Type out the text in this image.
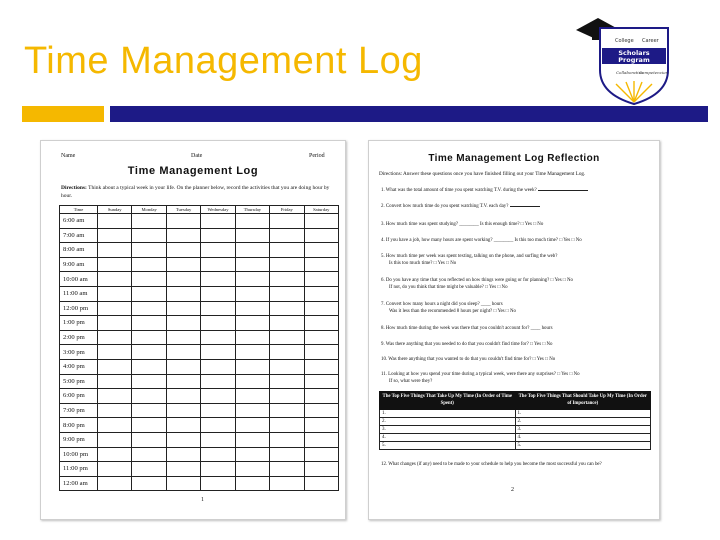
Time Management Log	College Career
Scholars
Program
Collaboration
Competencies
Name	Date	Period
Time Management Log
Directions: Think about a typical week in your life. On the planner below, record the activities that you are doing hour by hour.
Time	Sunday	Monday	Tuesday	Wednesday	Thursday	Friday	Saturday
6:00 am							
7:00 am							
8:00 am							
9:00 am							
10:00 am							
11:00 am							
12:00 pm							
1:00 pm							
2:00 pm							
3:00 pm							
4:00 pm							
5:00 pm							
6:00 pm							
7:00 pm							
8:00 pm							
9:00 pm							
10:00 pm							
11:00 pm							
12:00 am							
1
Time Management Log Reflection
Directions: Answer these questions once you have finished filling out your Time Management Log.
1. What was the total amount of time you spent watching T.V. during the week?
2. Convert how much time do you spent watching T.V. each day?
3. How much time was spent studying? ________ Is this enough time? □ Yes □ No
4. If you have a job, how many hours are spent working? ________ Is this too much time? □ Yes □ No
5. How much time per week was spent texting, talking on the phone, and surfing the web?
Is this too much time? □ Yes □ No
6. Do you have any time that you reflected on how things were going or for planning? □ Yes □ No
If not, do you think that time might be valuable? □ Yes □ No
7. Convert how many hours a night did you sleep? ____ hours
Was it less than the recommended 8 hours per night? □ Yes □ No
8. How much time during the week was there that you couldn't account for? ____ hours
9. Was there anything that you needed to do that you couldn't find time for? □ Yes □ No
10. Was there anything that you wanted to do that you couldn't find time for? □ Yes □ No
11. Looking at how you spend your time during a typical week, were there any surprises? □ Yes □ No
If so, what were they?
The Top Five Things That Take Up My Time (In Order of Time Spent)	The Top Five Things That Should Take Up My Time (In Order of Importance)
1.	1.
2.	2.
3.	3.
4.	4.
5.	5.
12. What changes (if any) need to be made to your schedule to help you become the most successful you can be?
2
